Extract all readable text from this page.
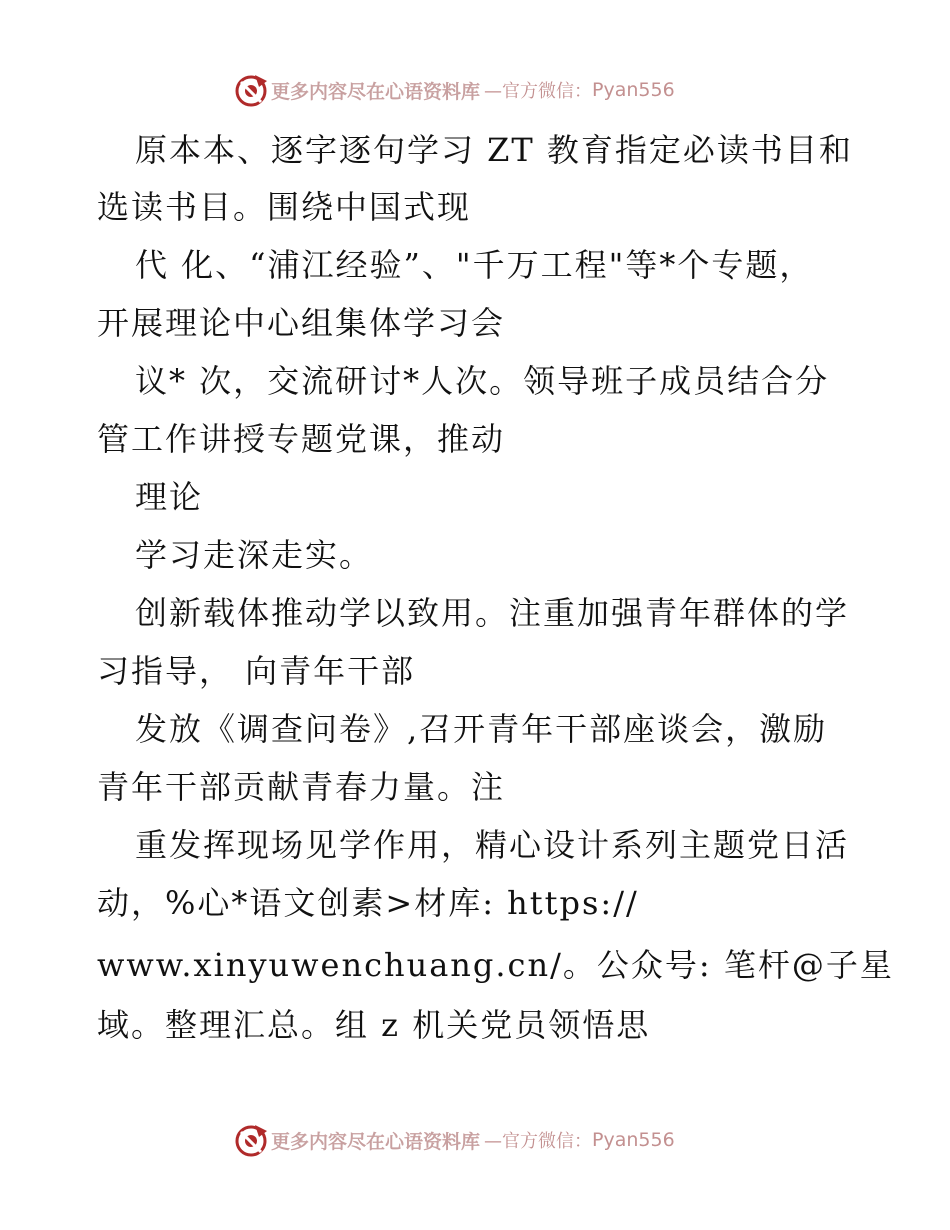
更多内容尽在心语资料库 —官方微信： Pyan556
原本本、逐字逐句学习 ZT 教育指定必读书目和
选读书目。围绕中国式现
代 化、“浦江经验”、"千万工程"等*个专题，
开展理论中心组集体学习会
议* 次，交流研讨*人次。领导班子成员结合分
管工作讲授专题党课，推动
理论
学习走深走实。
创新载体推动学以致用。注重加强青年群体的学
习指导， 向青年干部
发放《调查问卷》,召开青年干部座谈会，激励
青年干部贡献青春力量。注
重发挥现场见学作用，精心设计系列主题党日活
动，%心*语文创素>材库: https://
www.xinyuwenchuang.cn/。公众号: 笔杆@子星
域。整理汇总。组 z 机关党员领悟思
更多内容尽在心语资料库 —官方微信： Pyan556
